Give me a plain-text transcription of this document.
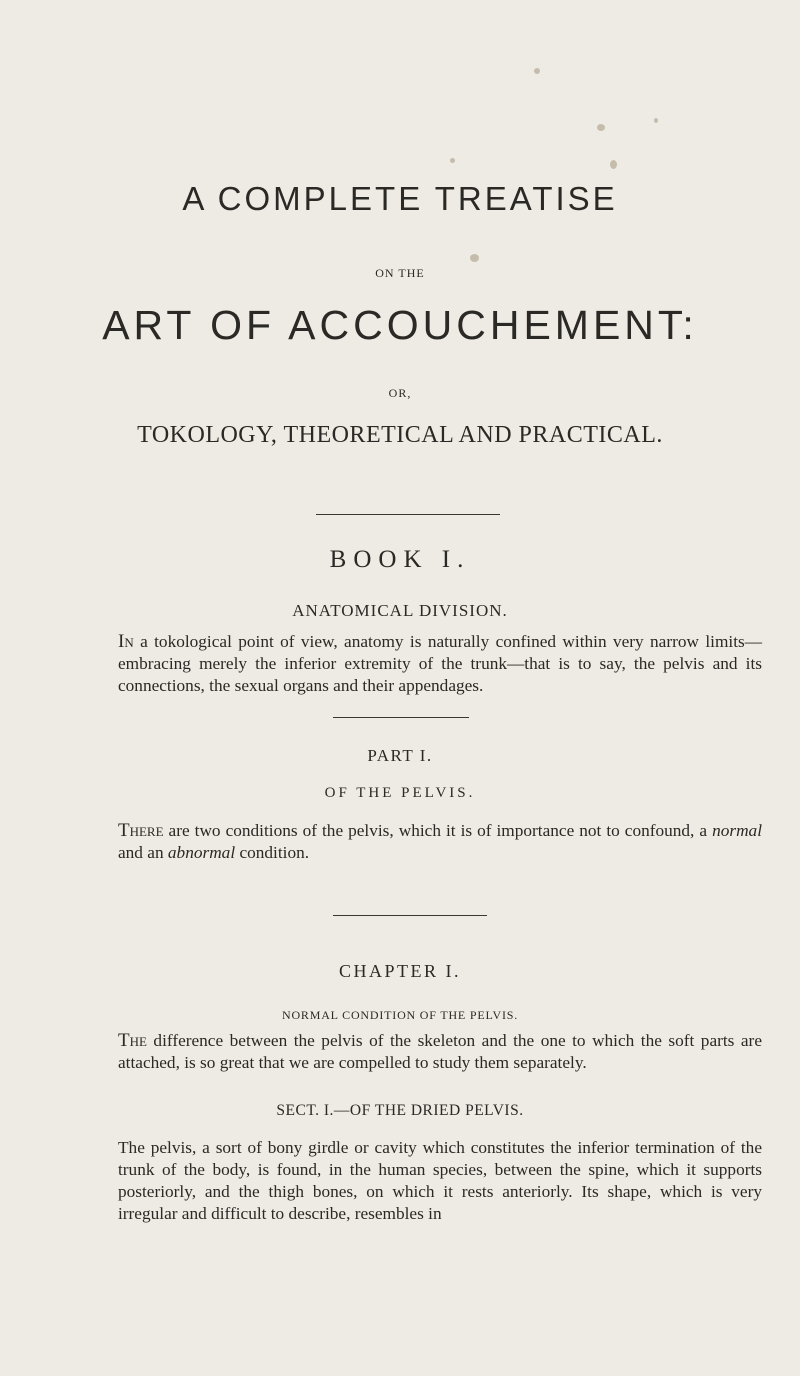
A COMPLETE TREATISE
ON THE
ART OF ACCOUCHEMENT:
OR,
TOKOLOGY, THEORETICAL AND PRACTICAL.
BOOK I.
ANATOMICAL DIVISION.

In a tokological point of view, anatomy is naturally confined within very narrow limits—embracing merely the inferior extremity of the trunk—that is to say, the pelvis and its connections, the sexual organs and their appendages.

PART I.
OF THE PELVIS.

There are two conditions of the pelvis, which it is of importance not to confound, a normal and an abnormal condition.

CHAPTER I.
NORMAL CONDITION OF THE PELVIS.

The difference between the pelvis of the skeleton and the one to which the soft parts are attached, is so great that we are compelled to study them separately.

SECT. I.—OF THE DRIED PELVIS.

The pelvis, a sort of bony girdle or cavity which constitutes the inferior termination of the trunk of the body, is found, in the human species, between the spine, which it supports posteriorly, and the thigh bones, on which it rests anteriorly. Its shape, which is very irregular and difficult to describe, resembles in
